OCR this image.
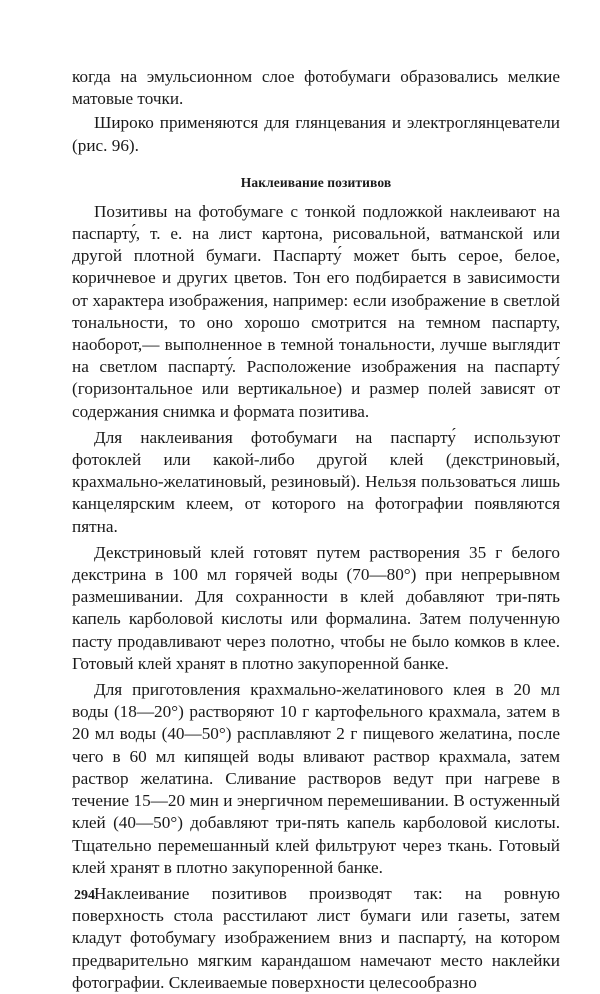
когда на эмульсионном слое фотобумаги образовались мелкие матовые точки.

Широко применяются для глянцевания и электроглянцеватели (рис. 96).

Наклеивание позитивов

Позитивы на фотобумаге с тонкой подложкой наклеивают на паспарту́, т. е. на лист картона, рисовальной, ватманской или другой плотной бумаги. Паспарту́ может быть серое, белое, коричневое и других цветов. Тон его подбирается в зависимости от характера изображения, например: если изображение в светлой тональности, то оно хорошо смотрится на темном паспарту, наоборот,— выполненное в темной тональности, лучше выглядит на светлом паспарту́. Расположение изображения на паспарту́ (горизонтальное или вертикальное) и размер полей зависят от содержания снимка и формата позитива.

Для наклеивания фотобумаги на паспарту́ используют фотоклей или какой-либо другой клей (декстриновый, крахмально-желатиновый, резиновый). Нельзя пользоваться лишь канцелярским клеем, от которого на фотографии появляются пятна.

Декстриновый клей готовят путем растворения 35 г белого декстрина в 100 мл горячей воды (70—80°) при непрерывном размешивании. Для сохранности в клей добавляют три-пять капель карболовой кислоты или формалина. Затем полученную пасту продавливают через полотно, чтобы не было комков в клее. Готовый клей хранят в плотно закупоренной банке.

Для приготовления крахмально-желатинового клея в 20 мл воды (18—20°) растворяют 10 г картофельного крахмала, затем в 20 мл воды (40—50°) расплавляют 2 г пищевого желатина, после чего в 60 мл кипящей воды вливают раствор крахмала, затем раствор желатина. Сливание растворов ведут при нагреве в течение 15—20 мин и энергичном перемешивании. В остуженный клей (40—50°) добавляют три-пять капель карболовой кислоты. Тщательно перемешанный клей фильтруют через ткань. Готовый клей хранят в плотно закупоренной банке.

Наклеивание позитивов производят так: на ровную поверхность стола расстилают лист бумаги или газеты, затем кладут фотобумагу изображением вниз и паспарту́, на котором предварительно мягким карандашом намечают место наклейки фотографии. Склеиваемые поверхности целесообразно

294
